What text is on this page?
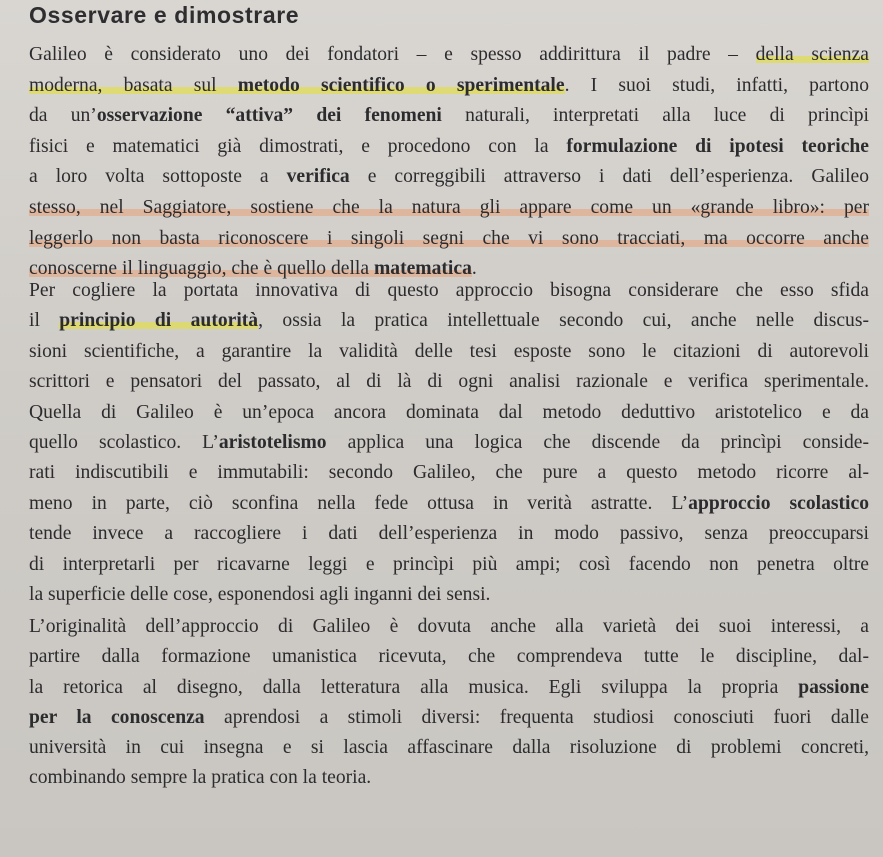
Osservare e dimostrare
Galileo è considerato uno dei fondatori – e spesso addirittura il padre – della scienza
moderna, basata sul metodo scientifico o sperimentale. I suoi studi, infatti, partono
da un’osservazione “attiva” dei fenomeni naturali, interpretati alla luce di princìpi
fisici e matematici già dimostrati, e procedono con la formulazione di ipotesi teoriche
a loro volta sottoposte a verifica e correggibili attraverso i dati dell’esperienza. Galileo
stesso, nel Saggiatore, sostiene che la natura gli appare come un «grande libro»: per
leggerlo non basta riconoscere i singoli segni che vi sono tracciati, ma occorre anche
conoscerne il linguaggio, che è quello della matematica.
Per cogliere la portata innovativa di questo approccio bisogna considerare che esso sfida
il principio di autorità, ossia la pratica intellettuale secondo cui, anche nelle discus-
sioni scientifiche, a garantire la validità delle tesi esposte sono le citazioni di autorevoli
scrittori e pensatori del passato, al di là di ogni analisi razionale e verifica sperimentale.
Quella di Galileo è un’epoca ancora dominata dal metodo deduttivo aristotelico e da
quello scolastico. L’aristotelismo applica una logica che discende da princìpi conside-
rati indiscutibili e immutabili: secondo Galileo, che pure a questo metodo ricorre al-
meno in parte, ciò sconfina nella fede ottusa in verità astratte. L’approccio scolastico
tende invece a raccogliere i dati dell’esperienza in modo passivo, senza preoccuparsi
di interpretarli per ricavarne leggi e princìpi più ampi; così facendo non penetra oltre
la superficie delle cose, esponendosi agli inganni dei sensi.
L’originalità dell’approccio di Galileo è dovuta anche alla varietà dei suoi interessi, a
partire dalla formazione umanistica ricevuta, che comprendeva tutte le discipline, dal-
la retorica al disegno, dalla letteratura alla musica. Egli sviluppa la propria passione
per la conoscenza aprendosi a stimoli diversi: frequenta studiosi conosciuti fuori dalle
università in cui insegna e si lascia affascinare dalla risoluzione di problemi concreti,
combinando sempre la pratica con la teoria.
